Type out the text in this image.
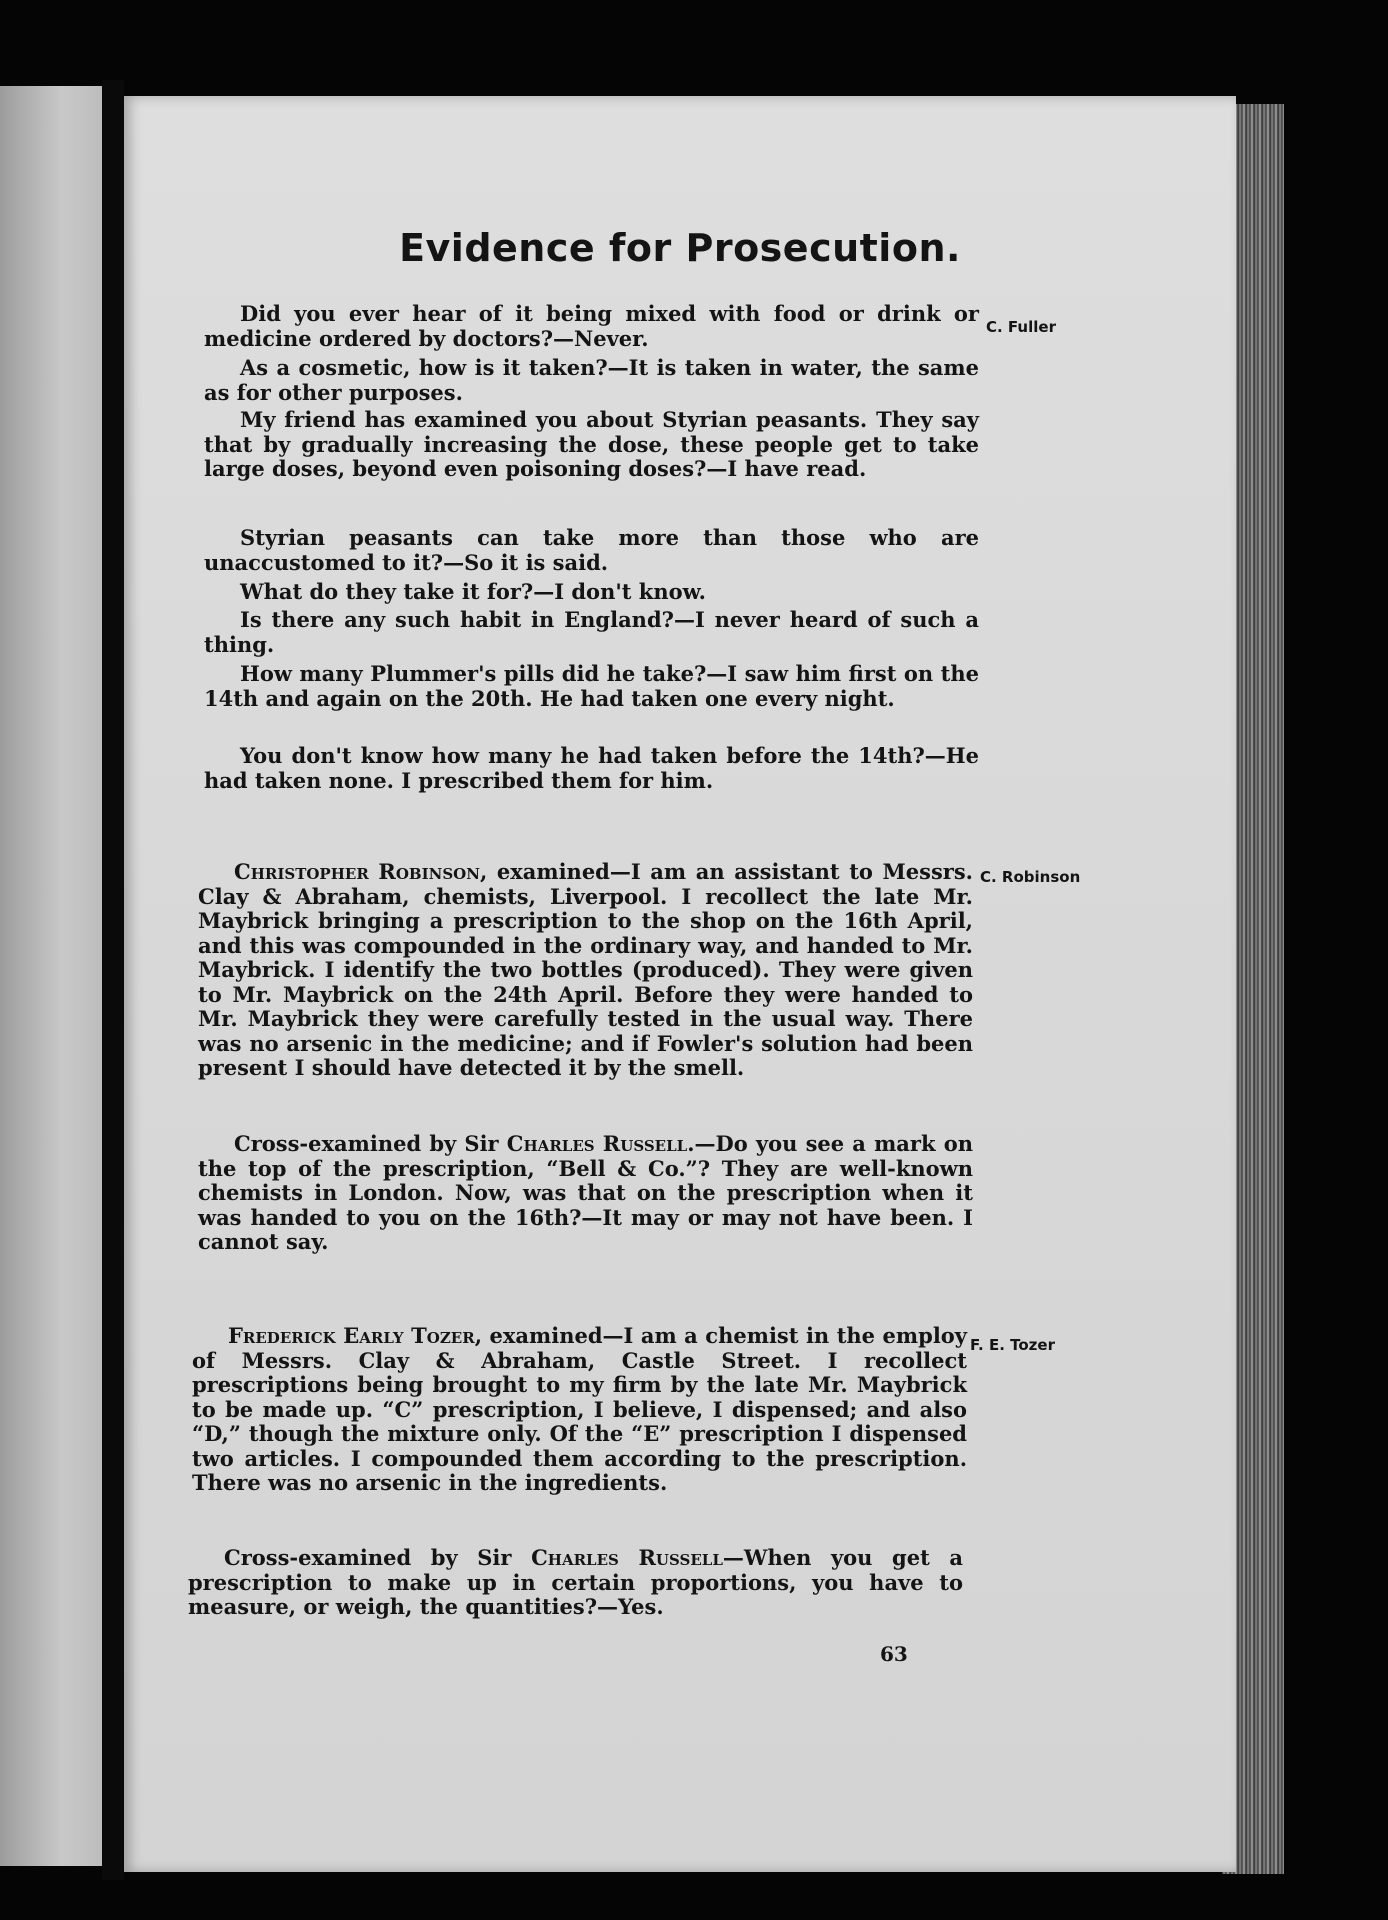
Evidence for Prosecution.
C. Fuller
Did you ever hear of it being mixed with food or drink or medicine ordered by doctors?—Never.
As a cosmetic, how is it taken?—It is taken in water, the same as for other purposes.
My friend has examined you about Styrian peasants. They say that by gradually increasing the dose, these people get to take large doses, beyond even poisoning doses?—I have read.
Styrian peasants can take more than those who are unaccustomed to it?—So it is said.
What do they take it for?—I don't know.
Is there any such habit in England?—I never heard of such a thing.
How many Plummer's pills did he take?—I saw him first on the 14th and again on the 20th. He had taken one every night.
You don't know how many he had taken before the 14th?—He had taken none. I prescribed them for him.
C. Robinson
Christopher Robinson, examined—I am an assistant to Messrs. Clay & Abraham, chemists, Liverpool. I recollect the late Mr. Maybrick bringing a prescription to the shop on the 16th April, and this was compounded in the ordinary way, and handed to Mr. Maybrick. I identify the two bottles (produced). They were given to Mr. Maybrick on the 24th April. Before they were handed to Mr. Maybrick they were carefully tested in the usual way. There was no arsenic in the medicine; and if Fowler's solution had been present I should have detected it by the smell.
Cross-examined by Sir Charles Russell.—Do you see a mark on the top of the prescription, “Bell & Co.”? They are well-known chemists in London. Now, was that on the prescription when it was handed to you on the 16th?—It may or may not have been. I cannot say.
F. E. Tozer
Frederick Early Tozer, examined—I am a chemist in the employ of Messrs. Clay & Abraham, Castle Street. I recollect prescriptions being brought to my firm by the late Mr. Maybrick to be made up. “C” prescription, I believe, I dispensed; and also “D,” though the mixture only. Of the “E” prescription I dispensed two articles. I compounded them according to the prescription. There was no arsenic in the ingredients.
Cross-examined by Sir Charles Russell—When you get a prescription to make up in certain proportions, you have to measure, or weigh, the quantities?—Yes.
63
